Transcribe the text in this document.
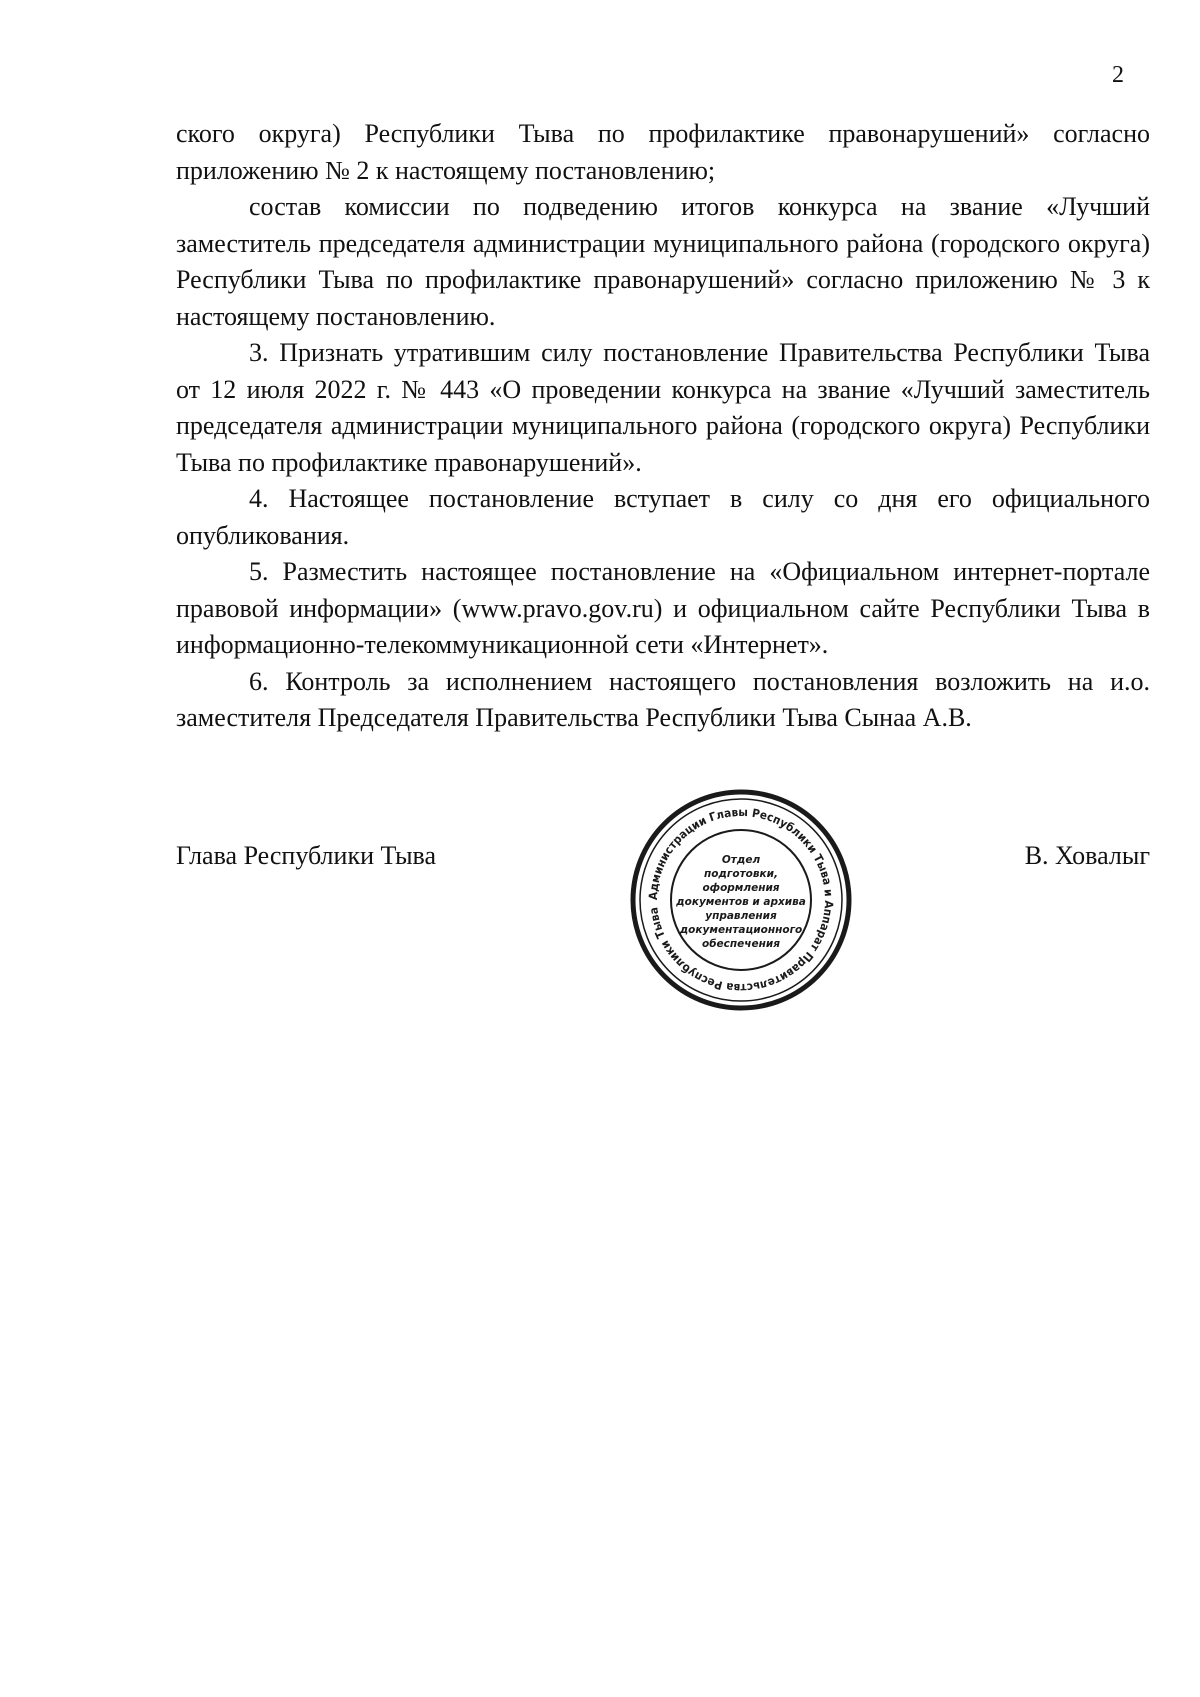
2

ского округа) Республики Тыва по профилактике правонарушений» согласно приложению № 2 к настоящему постановлению;

состав комиссии по подведению итогов конкурса на звание «Лучший заместитель председателя администрации муниципального района (городского округа) Республики Тыва по профилактике правонарушений» согласно приложению № 3 к настоящему постановлению.

3. Признать утратившим силу постановление Правительства Республики Тыва от 12 июля 2022 г. № 443 «О проведении конкурса на звание «Лучший заместитель председателя администрации муниципального района (городского округа) Республики Тыва по профилактике правонарушений».

4. Настоящее постановление вступает в силу со дня его официального опубликования.

5. Разместить настоящее постановление на «Официальном интернет-портале правовой информации» (www.pravo.gov.ru) и официальном сайте Республики Тыва в информационно-телекоммуникационной сети «Интернет».

6. Контроль за исполнением настоящего постановления возложить на и.о. заместителя Председателя Правительства Республики Тыва Сынаа А.В.

Глава Республики Тыва	В. Ховалыг
Администрации Главы Республики Тыва и Аппарат Правительства Республики Тыва
Отдел
подготовки,
оформления
документов и архива
управления
документационного
обеспечения
